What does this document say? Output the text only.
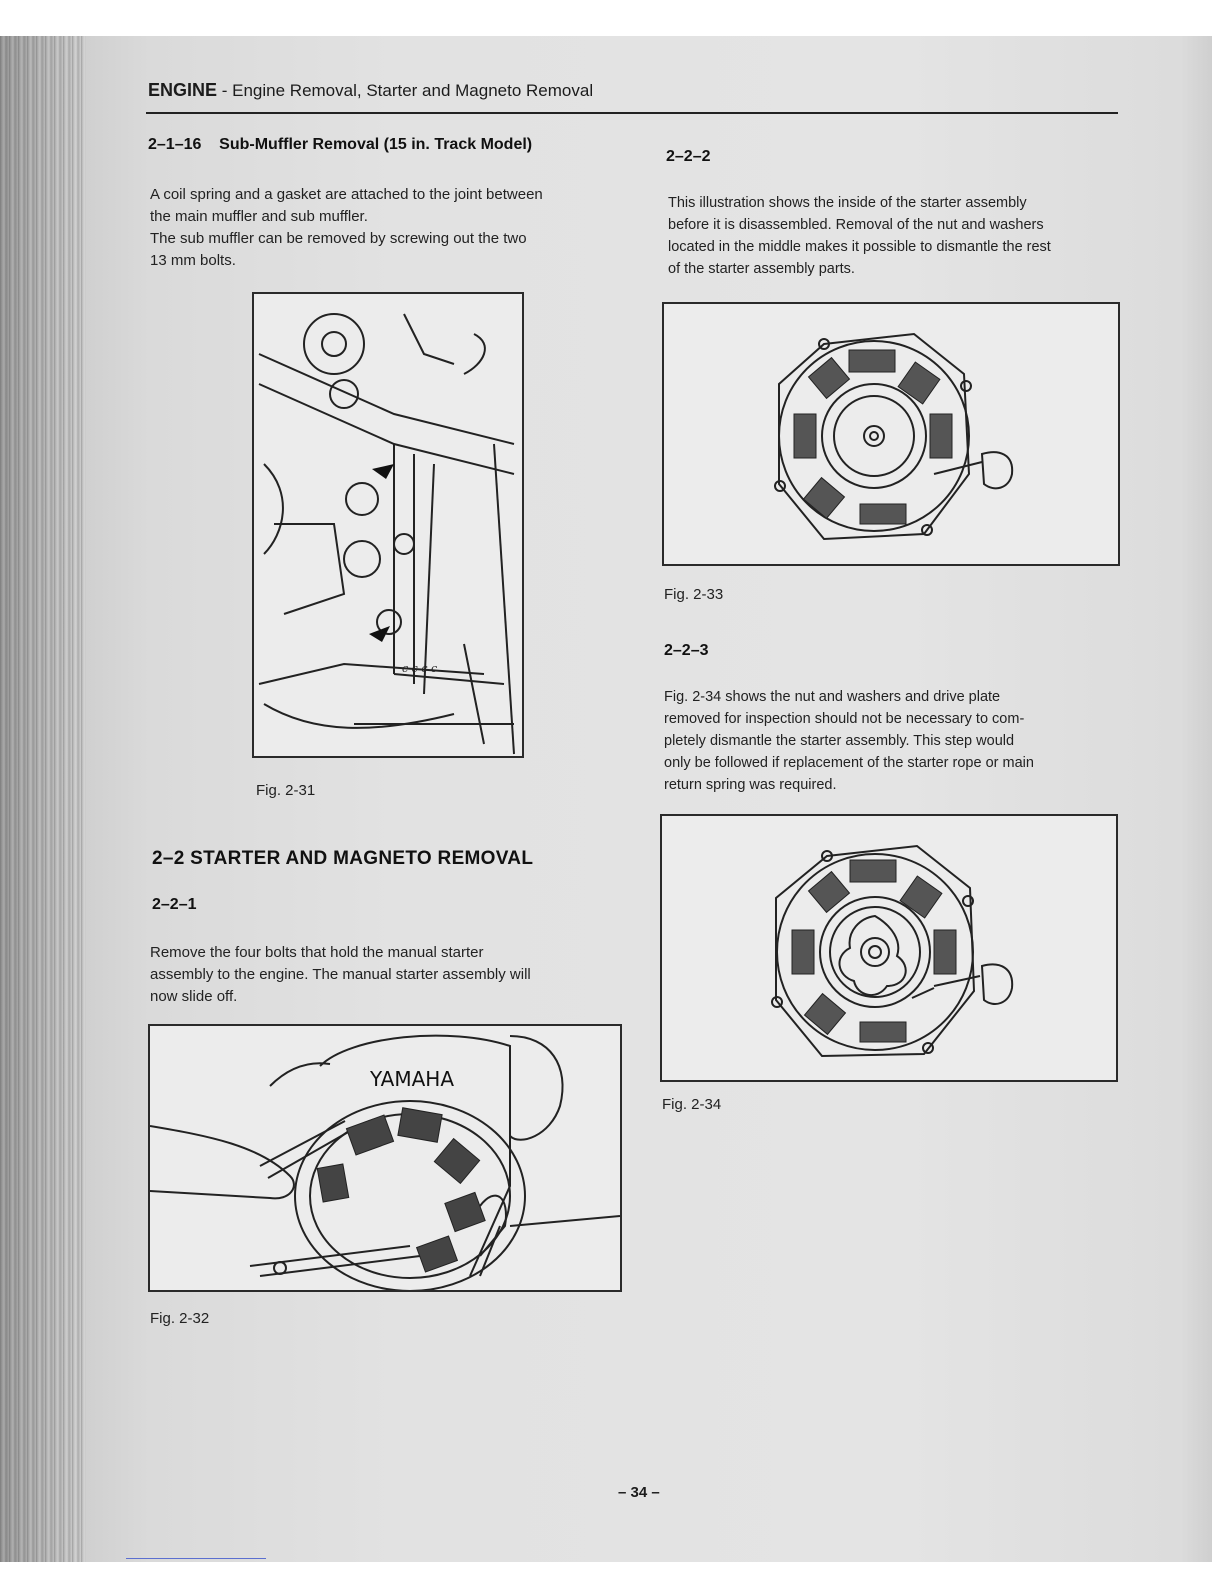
ENGINE - Engine Removal, Starter and Magneto Removal
2–1–16 Sub-Muffler Removal (15 in. Track Model)
A coil spring and a gasket are attached to the joint between
the main muffler and sub muffler.
The sub muffler can be removed by screwing out the two
13 mm bolts.
c c c c
Fig. 2-31
2–2 STARTER AND MAGNETO REMOVAL
2–2–1
Remove the four bolts that hold the manual starter
assembly to the engine. The manual starter assembly will
now slide off.
YAMAHA
Fig. 2-32
2–2–2
This illustration shows the inside of the starter assembly
before it is disassembled. Removal of the nut and washers
located in the middle makes it possible to dismantle the rest
of the starter assembly parts.
Fig. 2-33
2–2–3
Fig. 2-34 shows the nut and washers and drive plate
removed for inspection should not be necessary to com-
pletely dismantle the starter assembly. This step would
only be followed if replacement of the starter rope or main
return spring was required.
Fig. 2-34
– 34 –
